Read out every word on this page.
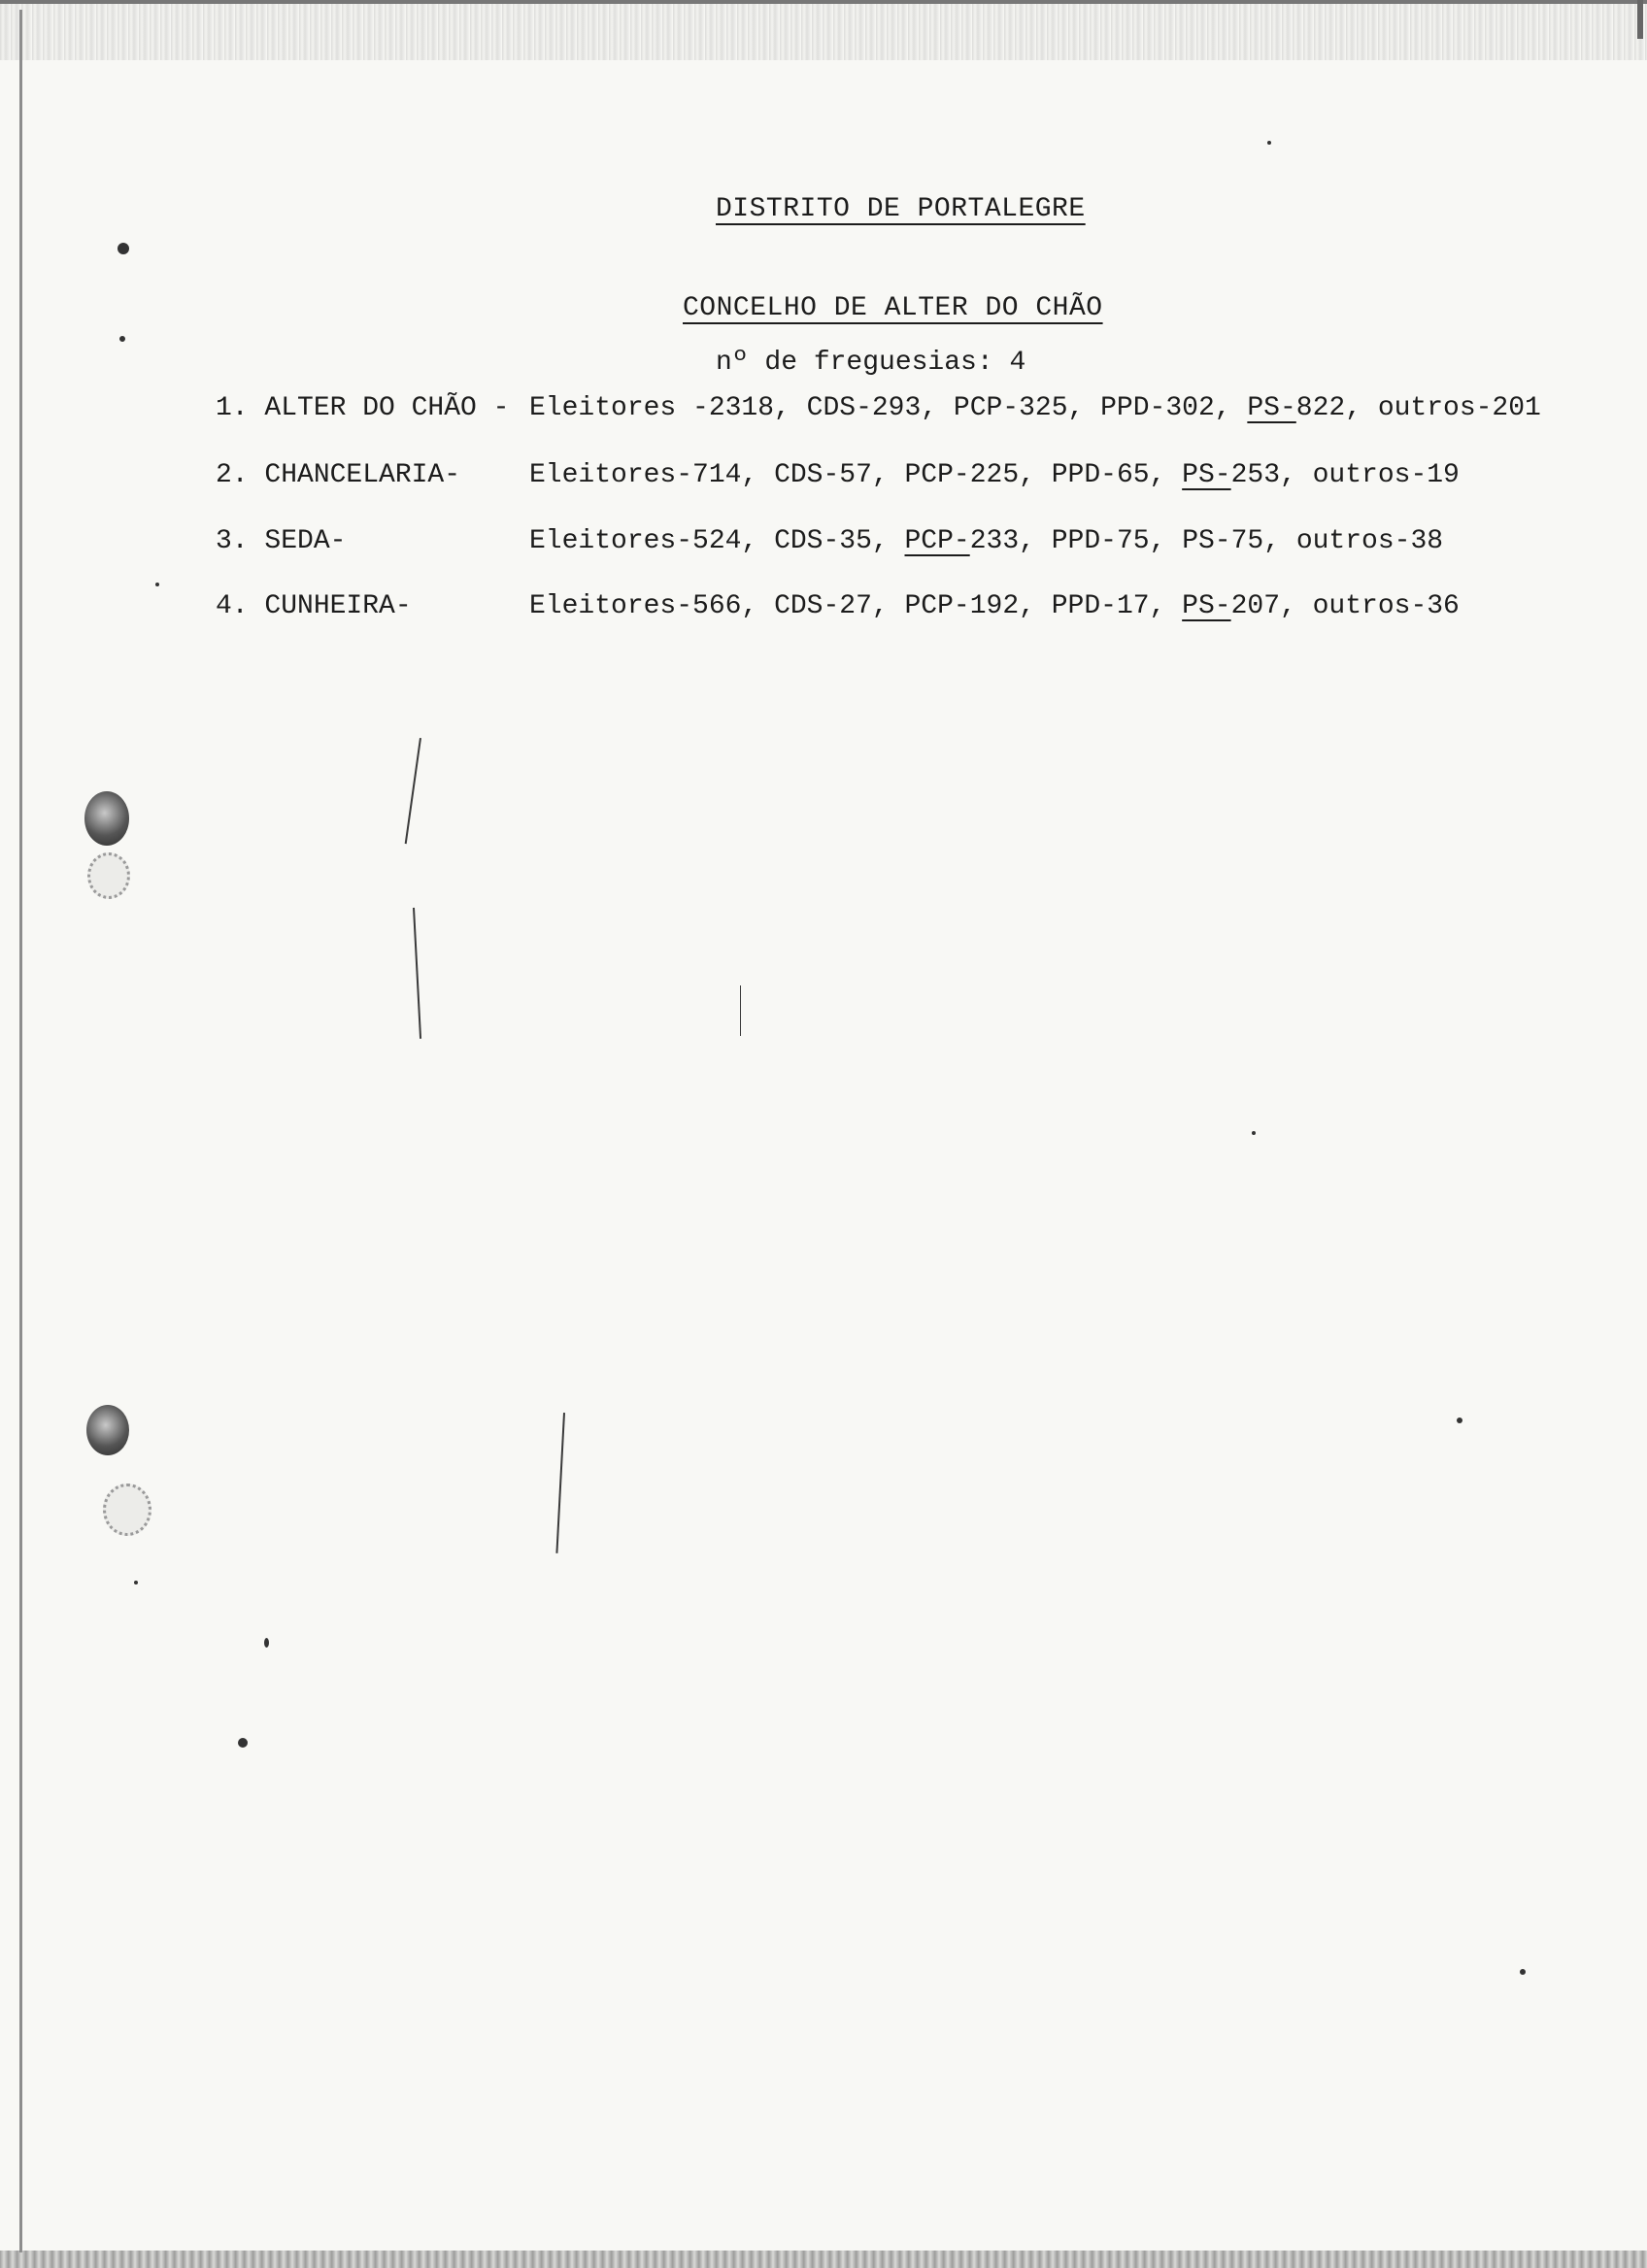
DISTRITO DE PORTALEGRE
CONCELHO DE ALTER DO CHÃO
nº de freguesias: 4
1. ALTER DO CHÃO - Eleitores -2318, CDS-293, PCP-325, PPD-302, PS-822, outros-201
2. CHANCELARIA-	Eleitores-714, CDS-57, PCP-225, PPD-65, PS-253, outros-19
3. SEDA-	Eleitores-524, CDS-35, PCP-233, PPD-75, PS-75, outros-38
4. CUNHEIRA-	Eleitores-566, CDS-27, PCP-192, PPD-17, PS-207, outros-36
